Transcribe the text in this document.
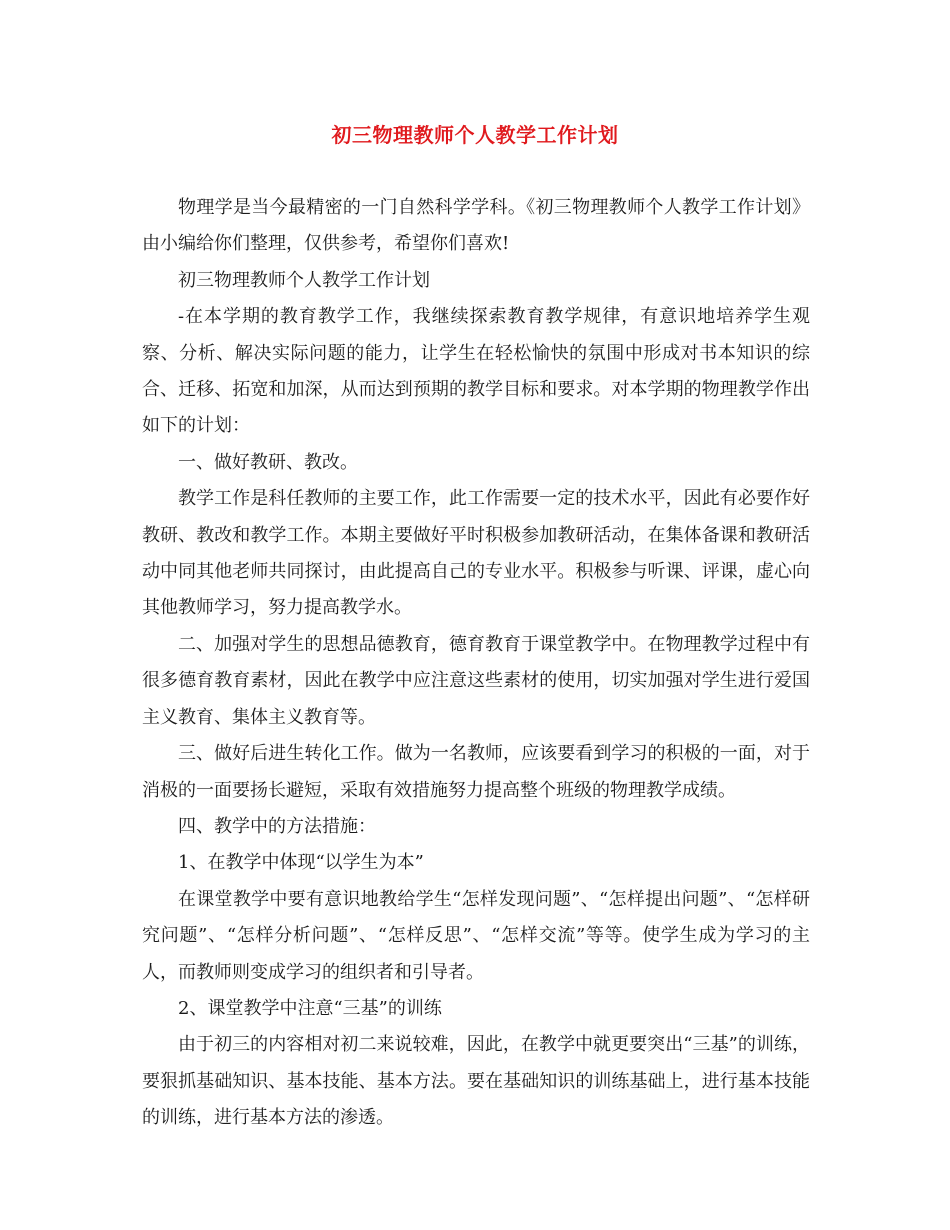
初三物理教师个人教学工作计划

物理学是当今最精密的一门自然科学学科。《初三物理教师个人教学工作计划》由小编给你们整理，仅供参考，希望你们喜欢!

初三物理教师个人教学工作计划

-在本学期的教育教学工作，我继续探索教育教学规律，有意识地培养学生观察、分析、解决实际问题的能力，让学生在轻松愉快的氛围中形成对书本知识的综合、迁移、拓宽和加深，从而达到预期的教学目标和要求。对本学期的物理教学作出如下的计划：

一、做好教研、教改。

教学工作是科任教师的主要工作，此工作需要一定的技术水平，因此有必要作好教研、教改和教学工作。本期主要做好平时积极参加教研活动，在集体备课和教研活动中同其他老师共同探讨，由此提高自己的专业水平。积极参与听课、评课，虚心向其他教师学习，努力提高教学水。

二、加强对学生的思想品德教育，德育教育于课堂教学中。在物理教学过程中有很多德育教育素材，因此在教学中应注意这些素材的使用，切实加强对学生进行爱国主义教育、集体主义教育等。

三、做好后进生转化工作。做为一名教师，应该要看到学习的积极的一面，对于消极的一面要扬长避短，采取有效措施努力提高整个班级的物理教学成绩。

四、教学中的方法措施：

1、在教学中体现“以学生为本”

在课堂教学中要有意识地教给学生“怎样发现问题”、“怎样提出问题”、“怎样研究问题”、“怎样分析问题”、“怎样反思”、“怎样交流”等等。使学生成为学习的主人，而教师则变成学习的组织者和引导者。

2、课堂教学中注意“三基”的训练

由于初三的内容相对初二来说较难，因此，在教学中就更要突出“三基”的训练，要狠抓基础知识、基本技能、基本方法。要在基础知识的训练基础上，进行基本技能的训练，进行基本方法的渗透。
